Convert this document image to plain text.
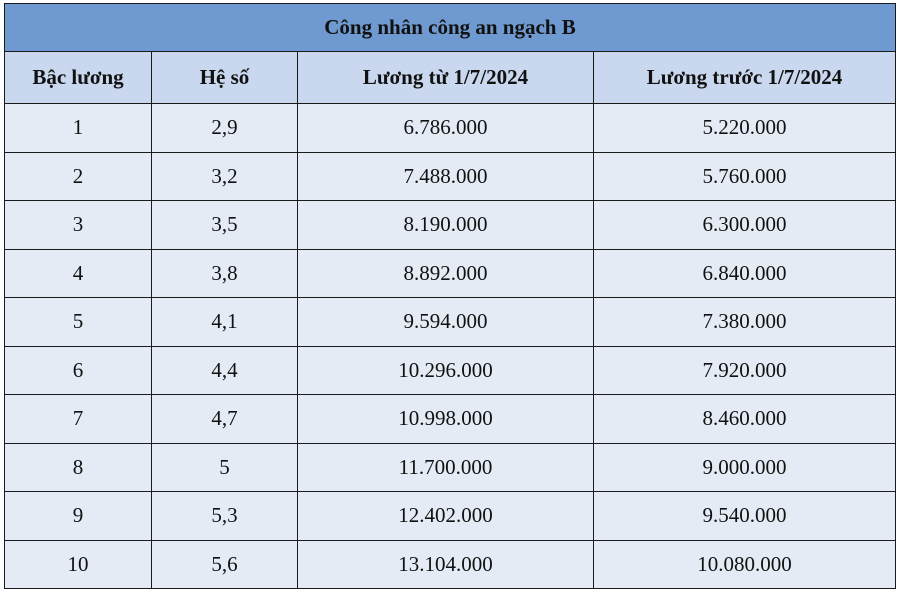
Công nhân công an ngạch B			
Bậc lương	Hệ số	Lương từ 1/7/2024	Lương trước 1/7/2024
1	2,9	6.786.000	5.220.000
2	3,2	7.488.000	5.760.000
3	3,5	8.190.000	6.300.000
4	3,8	8.892.000	6.840.000
5	4,1	9.594.000	7.380.000
6	4,4	10.296.000	7.920.000
7	4,7	10.998.000	8.460.000
8	5	11.700.000	9.000.000
9	5,3	12.402.000	9.540.000
10	5,6	13.104.000	10.080.000
